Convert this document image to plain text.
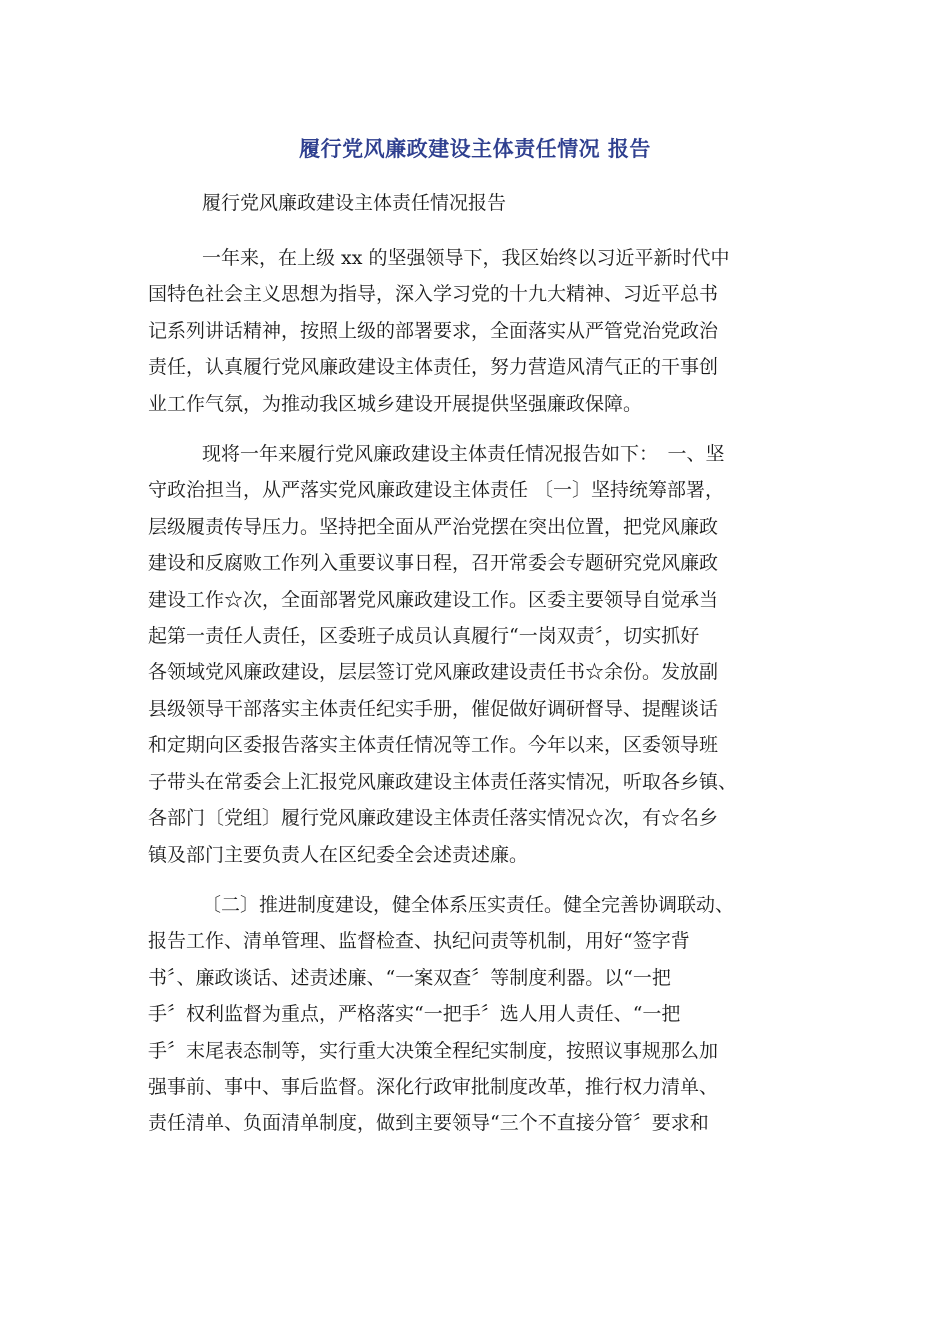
履行党风廉政建设主体责任情况 报告

履行党风廉政建设主体责任情况报告

一年来，在上级 xx 的坚强领导下，我区始终以习近平新时代中
国特色社会主义思想为指导，深入学习党的十九大精神、习近平总书
记系列讲话精神，按照上级的部署要求，全面落实从严管党治党政治
责任，认真履行党风廉政建设主体责任，努力营造风清气正的干事创
业工作气氛，为推动我区城乡建设开展提供坚强廉政保障。

现将一年来履行党风廉政建设主体责任情况报告如下：　一、坚
守政治担当，从严落实党风廉政建设主体责任 〔一〕坚持统筹部署，
层级履责传导压力。坚持把全面从严治党摆在突出位置，把党风廉政
建设和反腐败工作列入重要议事日程，召开常委会专题研究党风廉政
建设工作☆次，全面部署党风廉政建设工作。区委主要领导自觉承当
起第一责任人责任，区委班子成员认真履行“一岗双责〞，切实抓好
各领域党风廉政建设，层层签订党风廉政建设责任书☆余份。发放副
县级领导干部落实主体责任纪实手册，催促做好调研督导、提醒谈话
和定期向区委报告落实主体责任情况等工作。今年以来，区委领导班
子带头在常委会上汇报党风廉政建设主体责任落实情况，听取各乡镇、
各部门〔党组〕履行党风廉政建设主体责任落实情况☆次，有☆名乡
镇及部门主要负责人在区纪委全会述责述廉。

〔二〕推进制度建设，健全体系压实责任。健全完善协调联动、
报告工作、清单管理、监督检查、执纪问责等机制，用好“签字背
书〞、廉政谈话、述责述廉、“一案双查〞等制度利器。以“一把
手〞权利监督为重点，严格落实“一把手〞选人用人责任、“一把
手〞末尾表态制等，实行重大决策全程纪实制度，按照议事规那么加
强事前、事中、事后监督。深化行政审批制度改革，推行权力清单、
责任清单、负面清单制度，做到主要领导“三个不直接分管〞要求和
